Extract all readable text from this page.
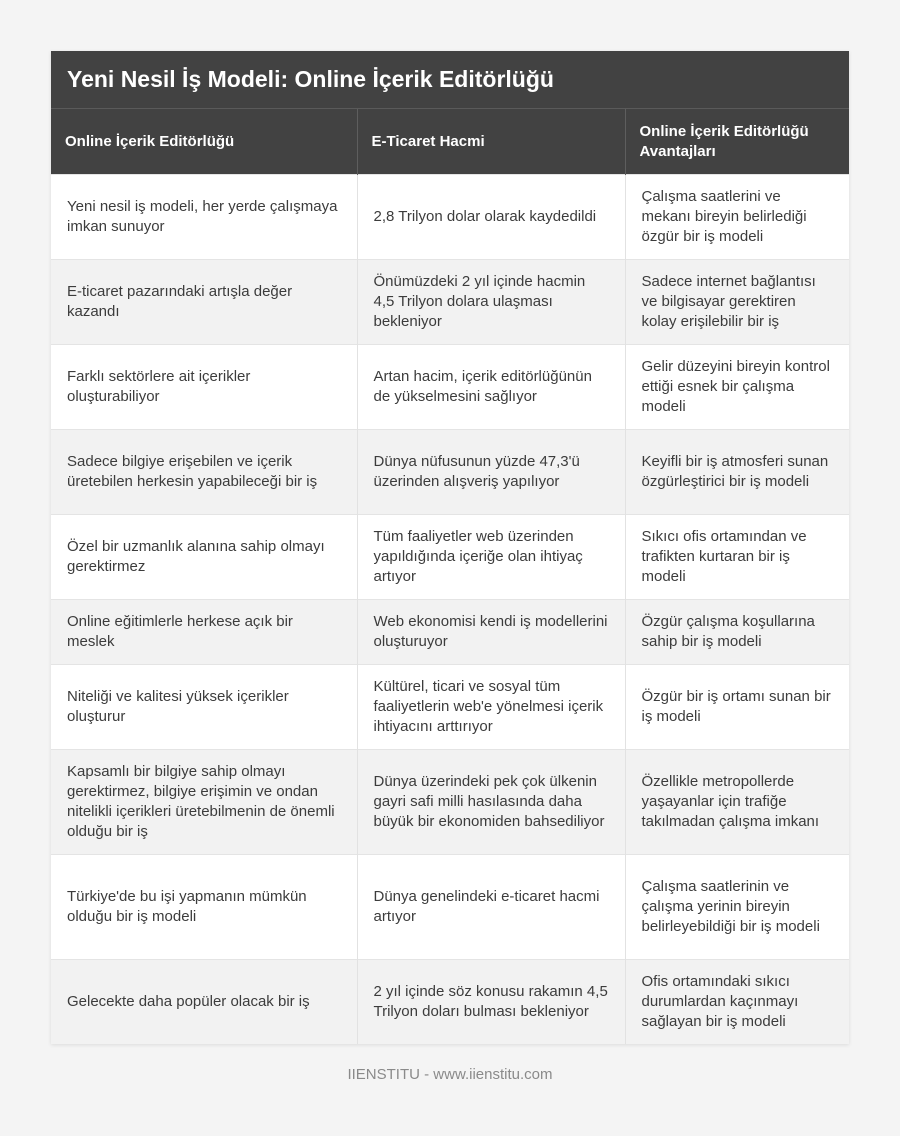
Yeni Nesil İş Modeli: Online İçerik Editörlüğü
Online İçerik Editörlüğü	E-Ticaret Hacmi	Online İçerik Editörlüğü Avantajları
Yeni nesil iş modeli, her yerde çalışmaya imkan sunuyor	2,8 Trilyon dolar olarak kaydedildi	Çalışma saatlerini ve mekanı bireyin belirlediği özgür bir iş modeli
E-ticaret pazarındaki artışla değer kazandı	Önümüzdeki 2 yıl içinde hacmin 4,5 Trilyon dolara ulaşması bekleniyor	Sadece internet bağlantısı ve bilgisayar gerektiren kolay erişilebilir bir iş
Farklı sektörlere ait içerikler oluşturabiliyor	Artan hacim, içerik editörlüğünün de yükselmesini sağlıyor	Gelir düzeyini bireyin kontrol ettiği esnek bir çalışma modeli
Sadece bilgiye erişebilen ve içerik üretebilen herkesin yapabileceği bir iş	Dünya nüfusunun yüzde 47,3'ü üzerinden alışveriş yapılıyor	Keyifli bir iş atmosferi sunan özgürleştirici bir iş modeli
Özel bir uzmanlık alanına sahip olmayı gerektirmez	Tüm faaliyetler web üzerinden yapıldığında içeriğe olan ihtiyaç artıyor	Sıkıcı ofis ortamından ve trafikten kurtaran bir iş modeli
Online eğitimlerle herkese açık bir meslek	Web ekonomisi kendi iş modellerini oluşturuyor	Özgür çalışma koşullarına sahip bir iş modeli
Niteliği ve kalitesi yüksek içerikler oluşturur	Kültürel, ticari ve sosyal tüm faaliyetlerin web'e yönelmesi içerik ihtiyacını arttırıyor	Özgür bir iş ortamı sunan bir iş modeli
Kapsamlı bir bilgiye sahip olmayı gerektirmez, bilgiye erişimin ve ondan nitelikli içerikleri üretebilmenin de önemli olduğu bir iş	Dünya üzerindeki pek çok ülkenin gayri safi milli hasılasında daha büyük bir ekonomiden bahsediliyor	Özellikle metropollerde yaşayanlar için trafiğe takılmadan çalışma imkanı
Türkiye'de bu işi yapmanın mümkün olduğu bir iş modeli	Dünya genelindeki e-ticaret hacmi artıyor	Çalışma saatlerinin ve çalışma yerinin bireyin belirleyebildiği bir iş modeli
Gelecekte daha popüler olacak bir iş	2 yıl içinde söz konusu rakamın 4,5 Trilyon doları bulması bekleniyor	Ofis ortamındaki sıkıcı durumlardan kaçınmayı sağlayan bir iş modeli
IIENSTITU - www.iienstitu.com
